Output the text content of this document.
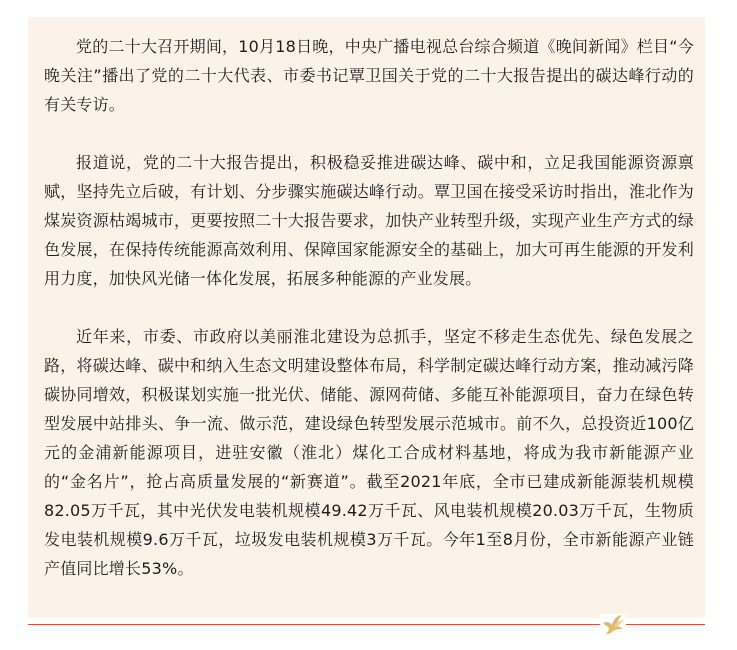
党的二十大召开期间，10月18日晚，中央广播电视总台综合频道《晚间新闻》栏目“今晚关注”播出了党的二十大代表、市委书记覃卫国关于党的二十大报告提出的碳达峰行动的有关专访。

报道说，党的二十大报告提出，积极稳妥推进碳达峰、碳中和，立足我国能源资源禀赋，坚持先立后破，有计划、分步骤实施碳达峰行动。覃卫国在接受采访时指出，淮北作为煤炭资源枯竭城市，更要按照二十大报告要求，加快产业转型升级，实现产业生产方式的绿色发展，在保持传统能源高效利用、保障国家能源安全的基础上，加大可再生能源的开发利用力度，加快风光储一体化发展，拓展多种能源的产业发展。

近年来，市委、市政府以美丽淮北建设为总抓手，坚定不移走生态优先、绿色发展之路，将碳达峰、碳中和纳入生态文明建设整体布局，科学制定碳达峰行动方案，推动减污降碳协同增效，积极谋划实施一批光伏、储能、源网荷储、多能互补能源项目，奋力在绿色转型发展中站排头、争一流、做示范，建设绿色转型发展示范城市。前不久，总投资近100亿元的金浦新能源项目，进驻安徽（淮北）煤化工合成材料基地，将成为我市新能源产业的“金名片”，抢占高质量发展的“新赛道”。截至2021年底，全市已建成新能源装机规模82.05万千瓦，其中光伏发电装机规模49.42万千瓦、风电装机规模20.03万千瓦，生物质发电装机规模9.6万千瓦，垃圾发电装机规模3万千瓦。今年1至8月份，全市新能源产业链产值同比增长53%。
